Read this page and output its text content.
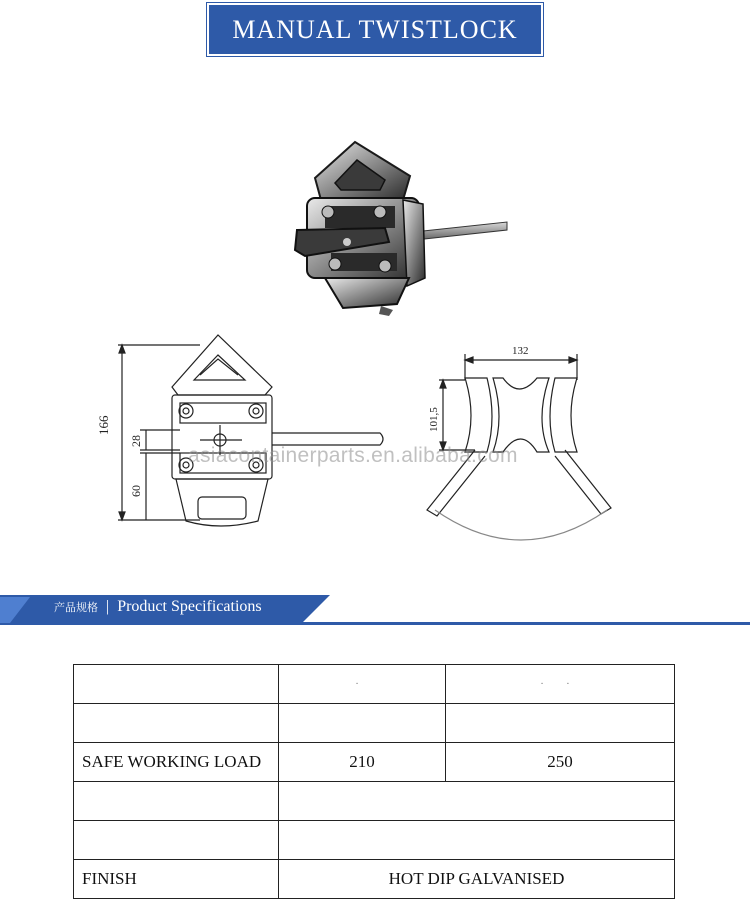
MANUAL TWISTLOCK
166
28
60
132
101,5
asiacontainerparts.en.alibaba.com
产品规格 | Product Specifications
	·	· ·

SAFE WORKING LOAD	210	250

FINISH	HOT DIP GALVANISED	
